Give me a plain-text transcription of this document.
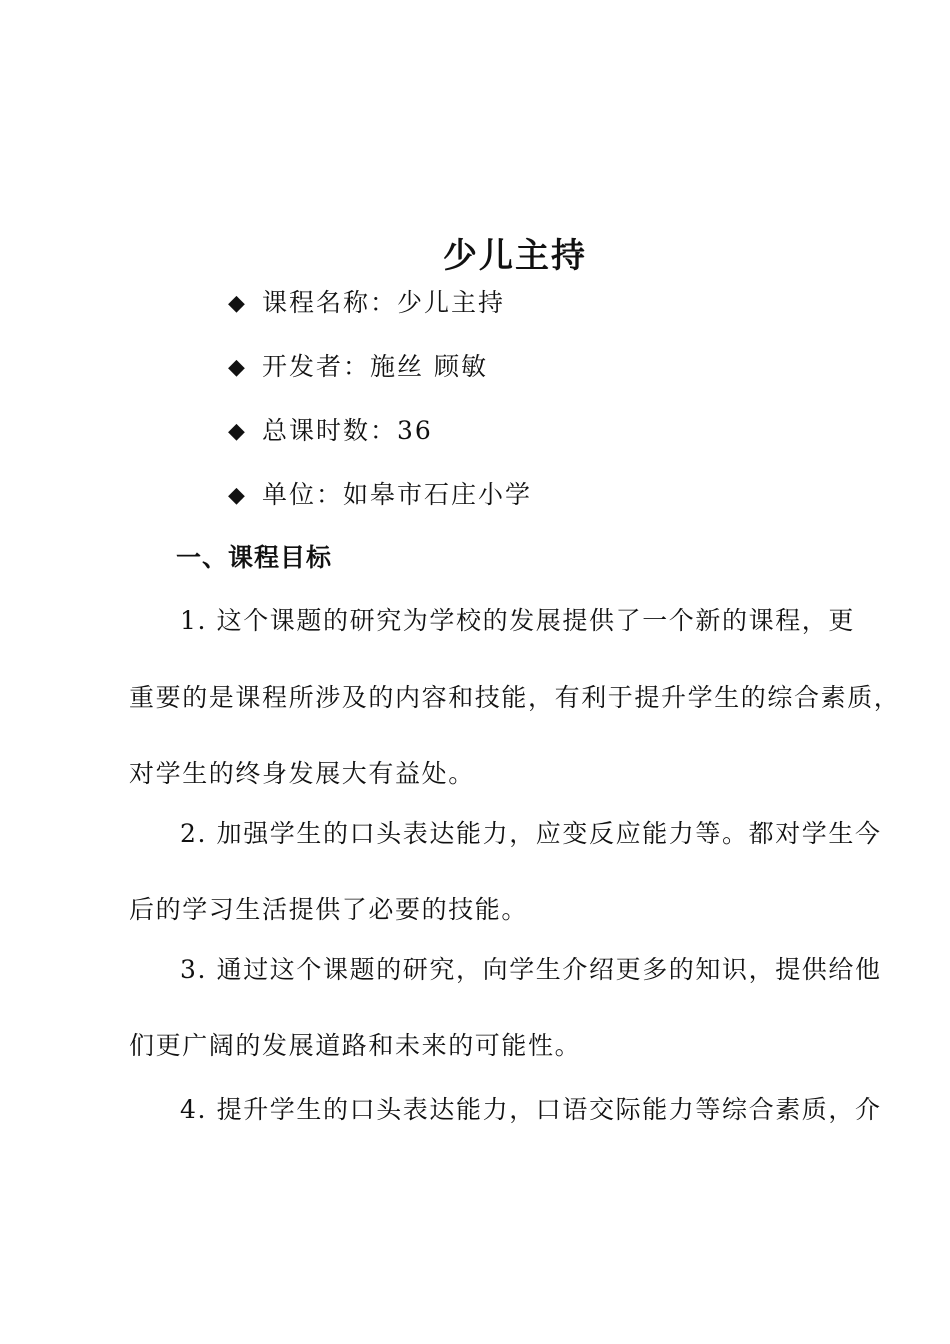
少儿主持
◆ 课程名称：少儿主持
◆ 开发者：施丝 顾敏
◆ 总课时数：36
◆ 单位：如皋市石庄小学
一、课程目标
1. 这个课题的研究为学校的发展提供了一个新的课程，更
重要的是课程所涉及的内容和技能，有利于提升学生的综合素质，
对学生的终身发展大有益处。
2. 加强学生的口头表达能力，应变反应能力等。都对学生今
后的学习生活提供了必要的技能。
3. 通过这个课题的研究，向学生介绍更多的知识，提供给他
们更广阔的发展道路和未来的可能性。
4. 提升学生的口头表达能力，口语交际能力等综合素质，介
